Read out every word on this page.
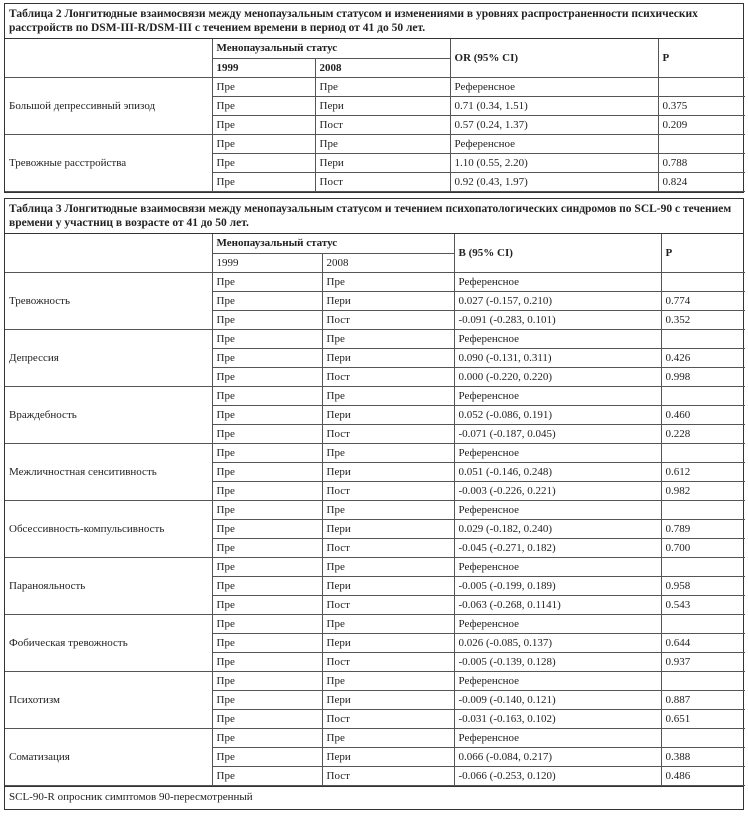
Таблица 2 Лонгитюдные взаимосвязи между менопаузальным статусом и изменениями в уровнях распространенности психических расстройств по DSM-III-R/DSM-III с течением времени в период от 41 до 50 лет.
	Менопаузальный статус		OR (95% CI)	P
	1999	2008		
Большой депрессивный эпизод	Пре	Пре	Референсное	
	Пре	Пери	0.71 (0.34, 1.51)	0.375
	Пре	Пост	0.57 (0.24, 1.37)	0.209
Тревожные расстройства	Пре	Пре	Референсное	
	Пре	Пери	1.10 (0.55, 2.20)	0.788
	Пре	Пост	0.92 (0.43, 1.97)	0.824
Таблица 3 Лонгитюдные взаимосвязи между менопаузальным статусом и течением психопатологических синдромов по SCL-90 с течением времени у участниц в возрасте от 41 до 50 лет.
	Менопаузальный статус		B (95% CI)	P
	1999	2008		
Тревожность	Пре	Пре	Референсное	
	Пре	Пери	0.027 (-0.157, 0.210)	0.774
	Пре	Пост	-0.091 (-0.283, 0.101)	0.352
Депрессия	Пре	Пре	Референсное	
	Пре	Пери	0.090 (-0.131, 0.311)	0.426
	Пре	Пост	0.000 (-0.220, 0.220)	0.998
Враждебность	Пре	Пре	Референсное	
	Пре	Пери	0.052 (-0.086, 0.191)	0.460
	Пре	Пост	-0.071 (-0.187, 0.045)	0.228
Межличностная сенситивность	Пре	Пре	Референсное	
	Пре	Пери	0.051 (-0.146, 0.248)	0.612
	Пре	Пост	-0.003 (-0.226, 0.221)	0.982
Обсессивность-компульсивность	Пре	Пре	Референсное	
	Пре	Пери	0.029 (-0.182, 0.240)	0.789
	Пре	Пост	-0.045 (-0.271, 0.182)	0.700
Паранояльность	Пре	Пре	Референсное	
	Пре	Пери	-0.005 (-0.199, 0.189)	0.958
	Пре	Пост	-0.063 (-0.268, 0.1141)	0.543
Фобическая тревожность	Пре	Пре	Референсное	
	Пре	Пери	0.026 (-0.085, 0.137)	0.644
	Пре	Пост	-0.005 (-0.139, 0.128)	0.937
Психотизм	Пре	Пре	Референсное	
	Пре	Пери	-0.009 (-0.140, 0.121)	0.887
	Пре	Пост	-0.031 (-0.163, 0.102)	0.651
Соматизация	Пре	Пре	Референсное	
	Пре	Пери	0.066 (-0.084, 0.217)	0.388
	Пре	Пост	-0.066 (-0.253, 0.120)	0.486
SCL-90-R опросник симптомов 90-пересмотренный
